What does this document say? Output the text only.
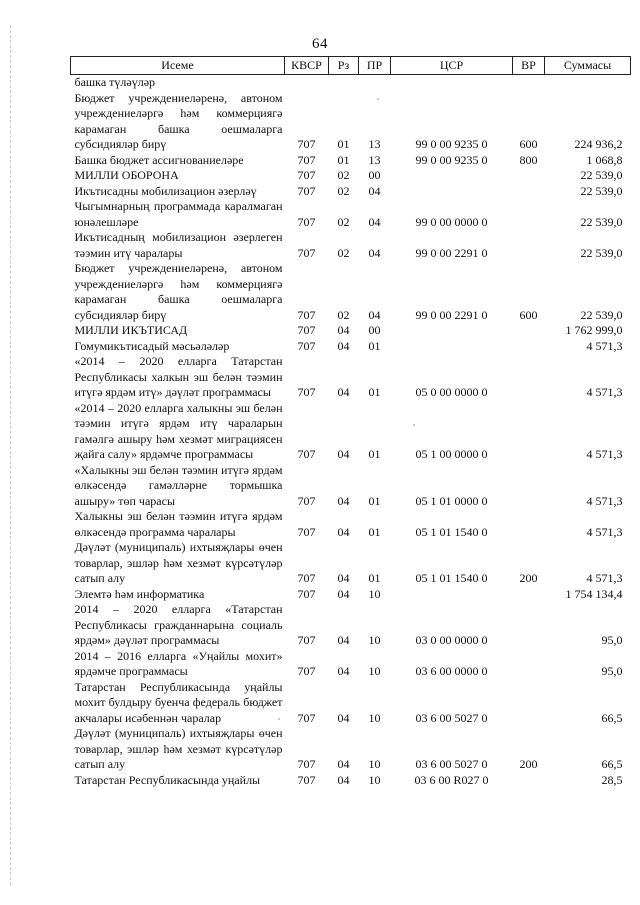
64
Исеме	КВСР	Рз	ПР	ЦСР	ВР	Суммасы
башка түләүләр						
Бюджет учреждениеләренә, автоном учреждениеләргә һәм коммерциягә карамаган башка оешмаларга субсидияләр бирү	707	01	13	99 0 00 9235 0	600	224 936,2
Башка бюджет ассигнованиеләре	707	01	13	99 0 00 9235 0	800	1 068,8
МИЛЛИ ОБОРОНА	707	02	00			22 539,0
Икътисадны мобилизацион әзерләү	707	02	04			22 539,0
Чыгымнарның программада каралмаган юнәлешләре	707	02	04	99 0 00 0000 0		22 539,0
Икътисадның мобилизацион әзерлеген тәэмин итү чаралары	707	02	04	99 0 00 2291 0		22 539,0
Бюджет учреждениеләренә, автоном учреждениеләргә һәм коммерциягә карамаган башка оешмаларга субсидияләр бирү	707	02	04	99 0 00 2291 0	600	22 539,0
МИЛЛИ ИКЪТИСАД	707	04	00			1 762 999,0
Гомумикътисадый мәсьәләләр	707	04	01			4 571,3
«2014 – 2020 елларга Татарстан Республикасы халкын эш белән тәэмин итүгә ярдәм итү» дәүләт программасы	707	04	01	05 0 00 0000 0		4 571,3
«2014 – 2020 елларга халыкны эш белән тәэмин итүгә ярдәм итү чараларын гамәлгә ашыру һәм хезмәт миграциясен җайга салу» ярдәмче программасы	707	04	01	05 1 00 0000 0		4 571,3
«Халыкны эш белән тәэмин итүгә ярдәм өлкәсендә гамәлләрне тормышка ашыру» төп чарасы	707	04	01	05 1 01 0000 0		4 571,3
Халыкны эш белән тәэмин итүгә ярдәм өлкәсендә программа чаралары	707	04	01	05 1 01 1540 0		4 571,3
Дәүләт (муниципаль) ихтыяҗлары өчен товарлар, эшләр һәм хезмәт күрсәтүләр сатып алу	707	04	01	05 1 01 1540 0	200	4 571,3
Элемтә һәм информатика	707	04	10			1 754 134,4
2014 – 2020 елларга «Татарстан Республикасы гражданнарына социаль ярдәм» дәүләт программасы	707	04	10	03 0 00 0000 0		95,0
2014 – 2016 елларга «Уңайлы мохит» ярдәмче программасы	707	04	10	03 6 00 0000 0		95,0
Татарстан Республикасында уңайлы мохит булдыру буенча федераль бюджет акчалары исәбеннән чаралар	707	04	10	03 6 00 5027 0		66,5
Дәүләт (муниципаль) ихтыяҗлары өчен товарлар, эшләр һәм хезмәт күрсәтүләр сатып алу	707	04	10	03 6 00 5027 0	200	66,5
Татарстан Республикасында уңайлы	707	04	10	03 6 00 R027 0		28,5
